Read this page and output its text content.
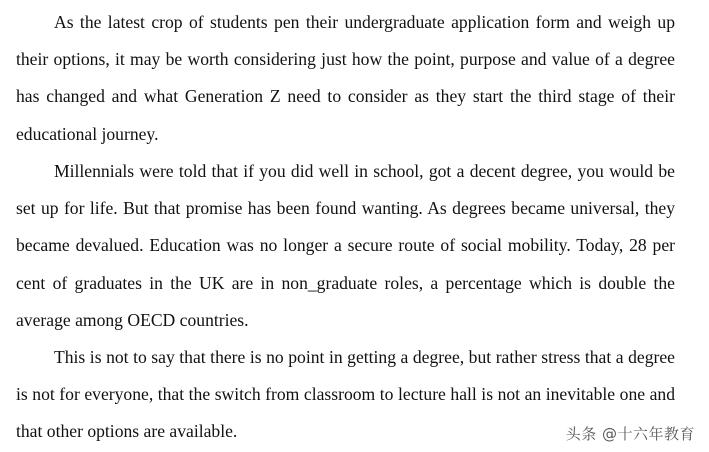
As the latest crop of students pen their undergraduate application form and weigh up their options, it may be worth considering just how the point, purpose and value of a degree has changed and what Generation Z need to consider as they start the third stage of their educational journey.

Millennials were told that if you did well in school, got a decent degree, you would be set up for life. But that promise has been found wanting. As degrees became universal, they became devalued. Education was no longer a secure route of social mobility. Today, 28 per cent of graduates in the UK are in non_graduate roles, a percentage which is double the average among OECD countries.

This is not to say that there is no point in getting a degree, but rather stress that a degree is not for everyone, that the switch from classroom to lecture hall is not an inevitable one and that other options are available.	头条 @十六年教育
